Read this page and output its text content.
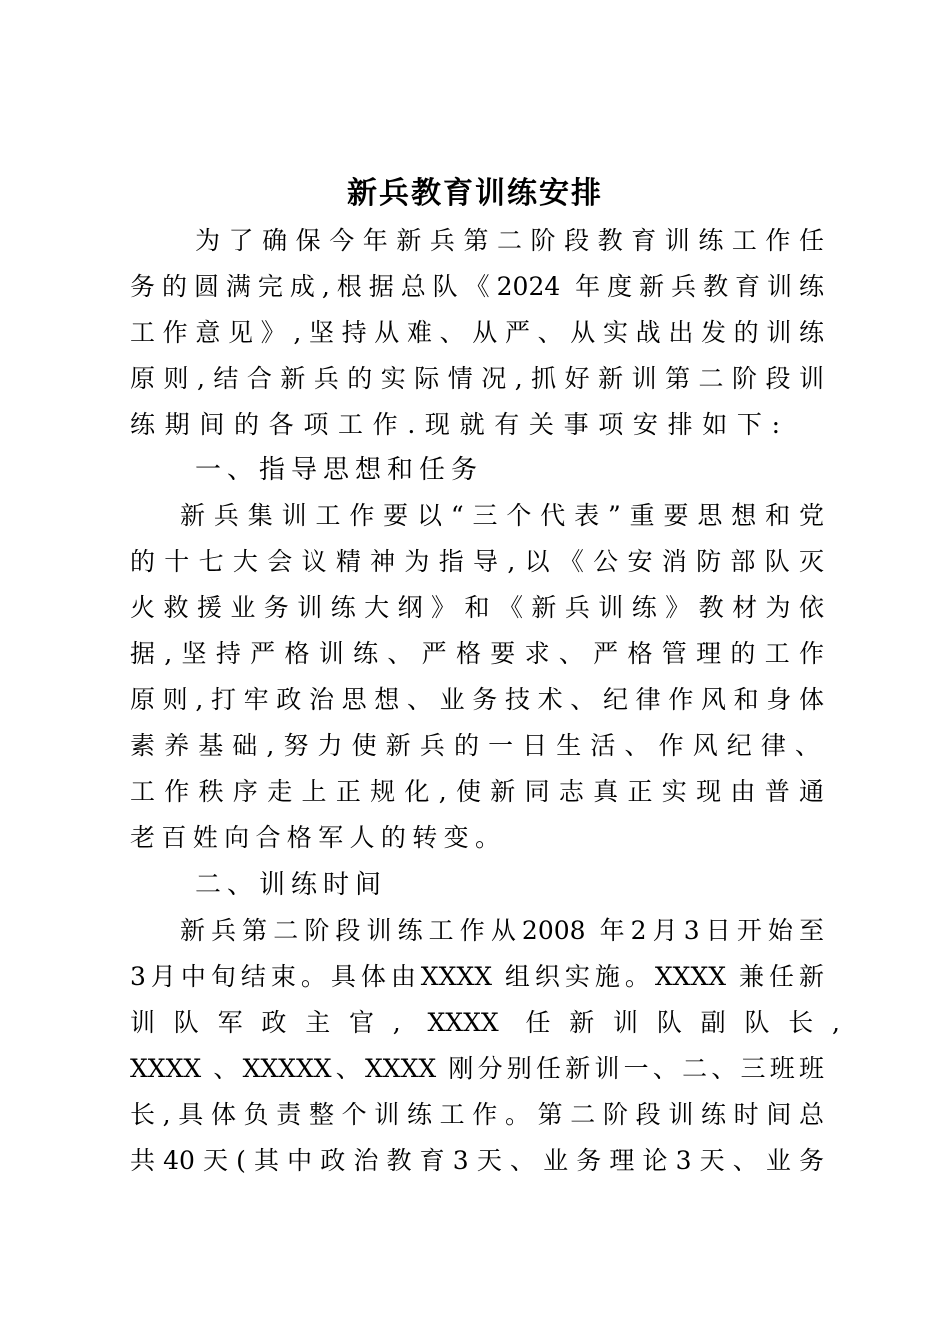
新兵教育训练安排
为了确保今年新兵第二阶段教育训练工作任
务的圆满完成,根据总队《2024 年度新兵教育训练
工作意见》,坚持从难、从严、从实战出发的训练
原则,结合新兵的实际情况,抓好新训第二阶段训
练期间的各项工作.现就有关事项安排如下:
一、指导思想和任务
新兵集训工作要以“三个代表”重要思想和党
的十七大会议精神为指导,以《公安消防部队灭
火救援业务训练大纲》和《新兵训练》教材为依
据,坚持严格训练、严格要求、严格管理的工作
原则,打牢政治思想、业务技术、纪律作风和身体
素养基础,努力使新兵的一日生活、作风纪律、
工作秩序走上正规化,使新同志真正实现由普通
老百姓向合格军人的转变。
二、训练时间
新兵第二阶段训练工作从2008 年2月3日开始至
3月中旬结束。具体由XXXX 组织实施。XXXX 兼任新
训队军政主官, XXXX 任新训队副队长,
XXXX 、XXXXX、XXXX 刚分别任新训一、二、三班班
长,具体负责整个训练工作。第二阶段训练时间总
共40天(其中政治教育3天、业务理论3天、业务
